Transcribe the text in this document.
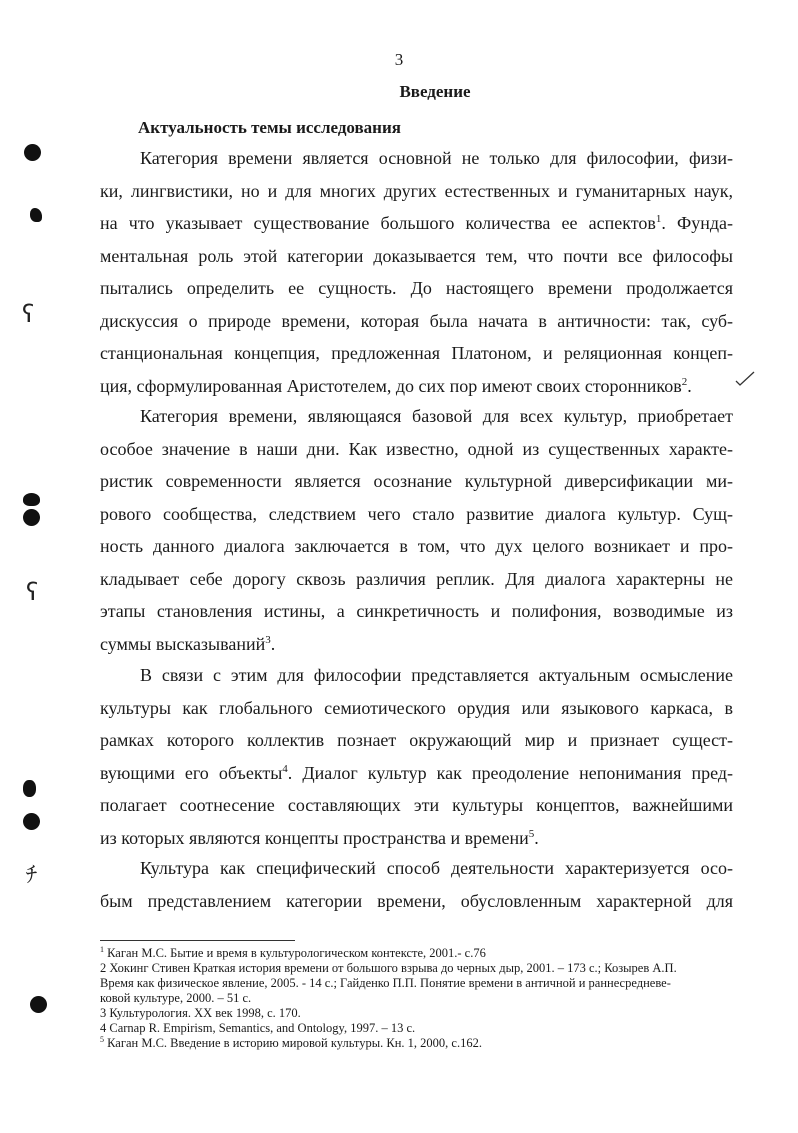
3
Введение
Актуальность темы исследования
Категория времени является основной не только для философии, физи-
ки, лингвистики, но и для многих других естественных и гуманитарных наук,
на что указывает существование большого количества ее аспектов$^1$. Фунда-
ментальная роль этой категории доказывается тем, что почти все философы
пытались определить ее сущность. До настоящего времени продолжается
дискуссия о природе времени, которая была начата в античности: так, суб-
станциональная концепция, предложенная Платоном, и реляционная концеп-
ция, сформулированная Аристотелем, до сих пор имеют своих сторонников$^2$.
Категория времени, являющаяся базовой для всех культур, приобретает
особое значение в наши дни. Как известно, одной из существенных характе-
ристик современности является осознание культурной диверсификации ми-
рового сообщества, следствием чего стало развитие диалога культур. Сущ-
ность данного диалога заключается в том, что дух целого возникает и про-
кладывает себе дорогу сквозь различия реплик. Для диалога характерны не
этапы становления истины, а синкретичность и полифония, возводимые из
суммы высказываний$^3$.
В связи с этим для философии представляется актуальным осмысление
культуры как глобального семиотического орудия или языкового каркаса, в
рамках которого коллектив познает окружающий мир и признает сущест-
вующими его объекты$^4$. Диалог культур как преодоление непонимания пред-
полагает соотнесение составляющих эти культуры концептов, важнейшими
из которых являются концепты пространства и времени$^5$.
Культура как специфический способ деятельности характеризуется осо-
бым представлением категории времени, обусловленным характерной для
$^1$ Каган М.С. Бытие и время в культурологическом контексте, 2001.- с.76
2 Хокинг Стивен Краткая история времени от большого взрыва до черных дыр, 2001. – 173 с.; Козырев А.П.
Время как физическое явление, 2005. - 14 с.; Гайденко П.П. Понятие времени в античной и раннесредневе-
ковой культуре, 2000. – 51 с.
3 Культурология. XX век 1998, с. 170.
4 Carnap R. Empirism, Semantics, and Ontology, 1997. – 13 с.
$^5$ Каган М.С. Введение в историю мировой культуры. Кн. 1, 2000, с.162.
ʕ
ʕ
ﾁ
